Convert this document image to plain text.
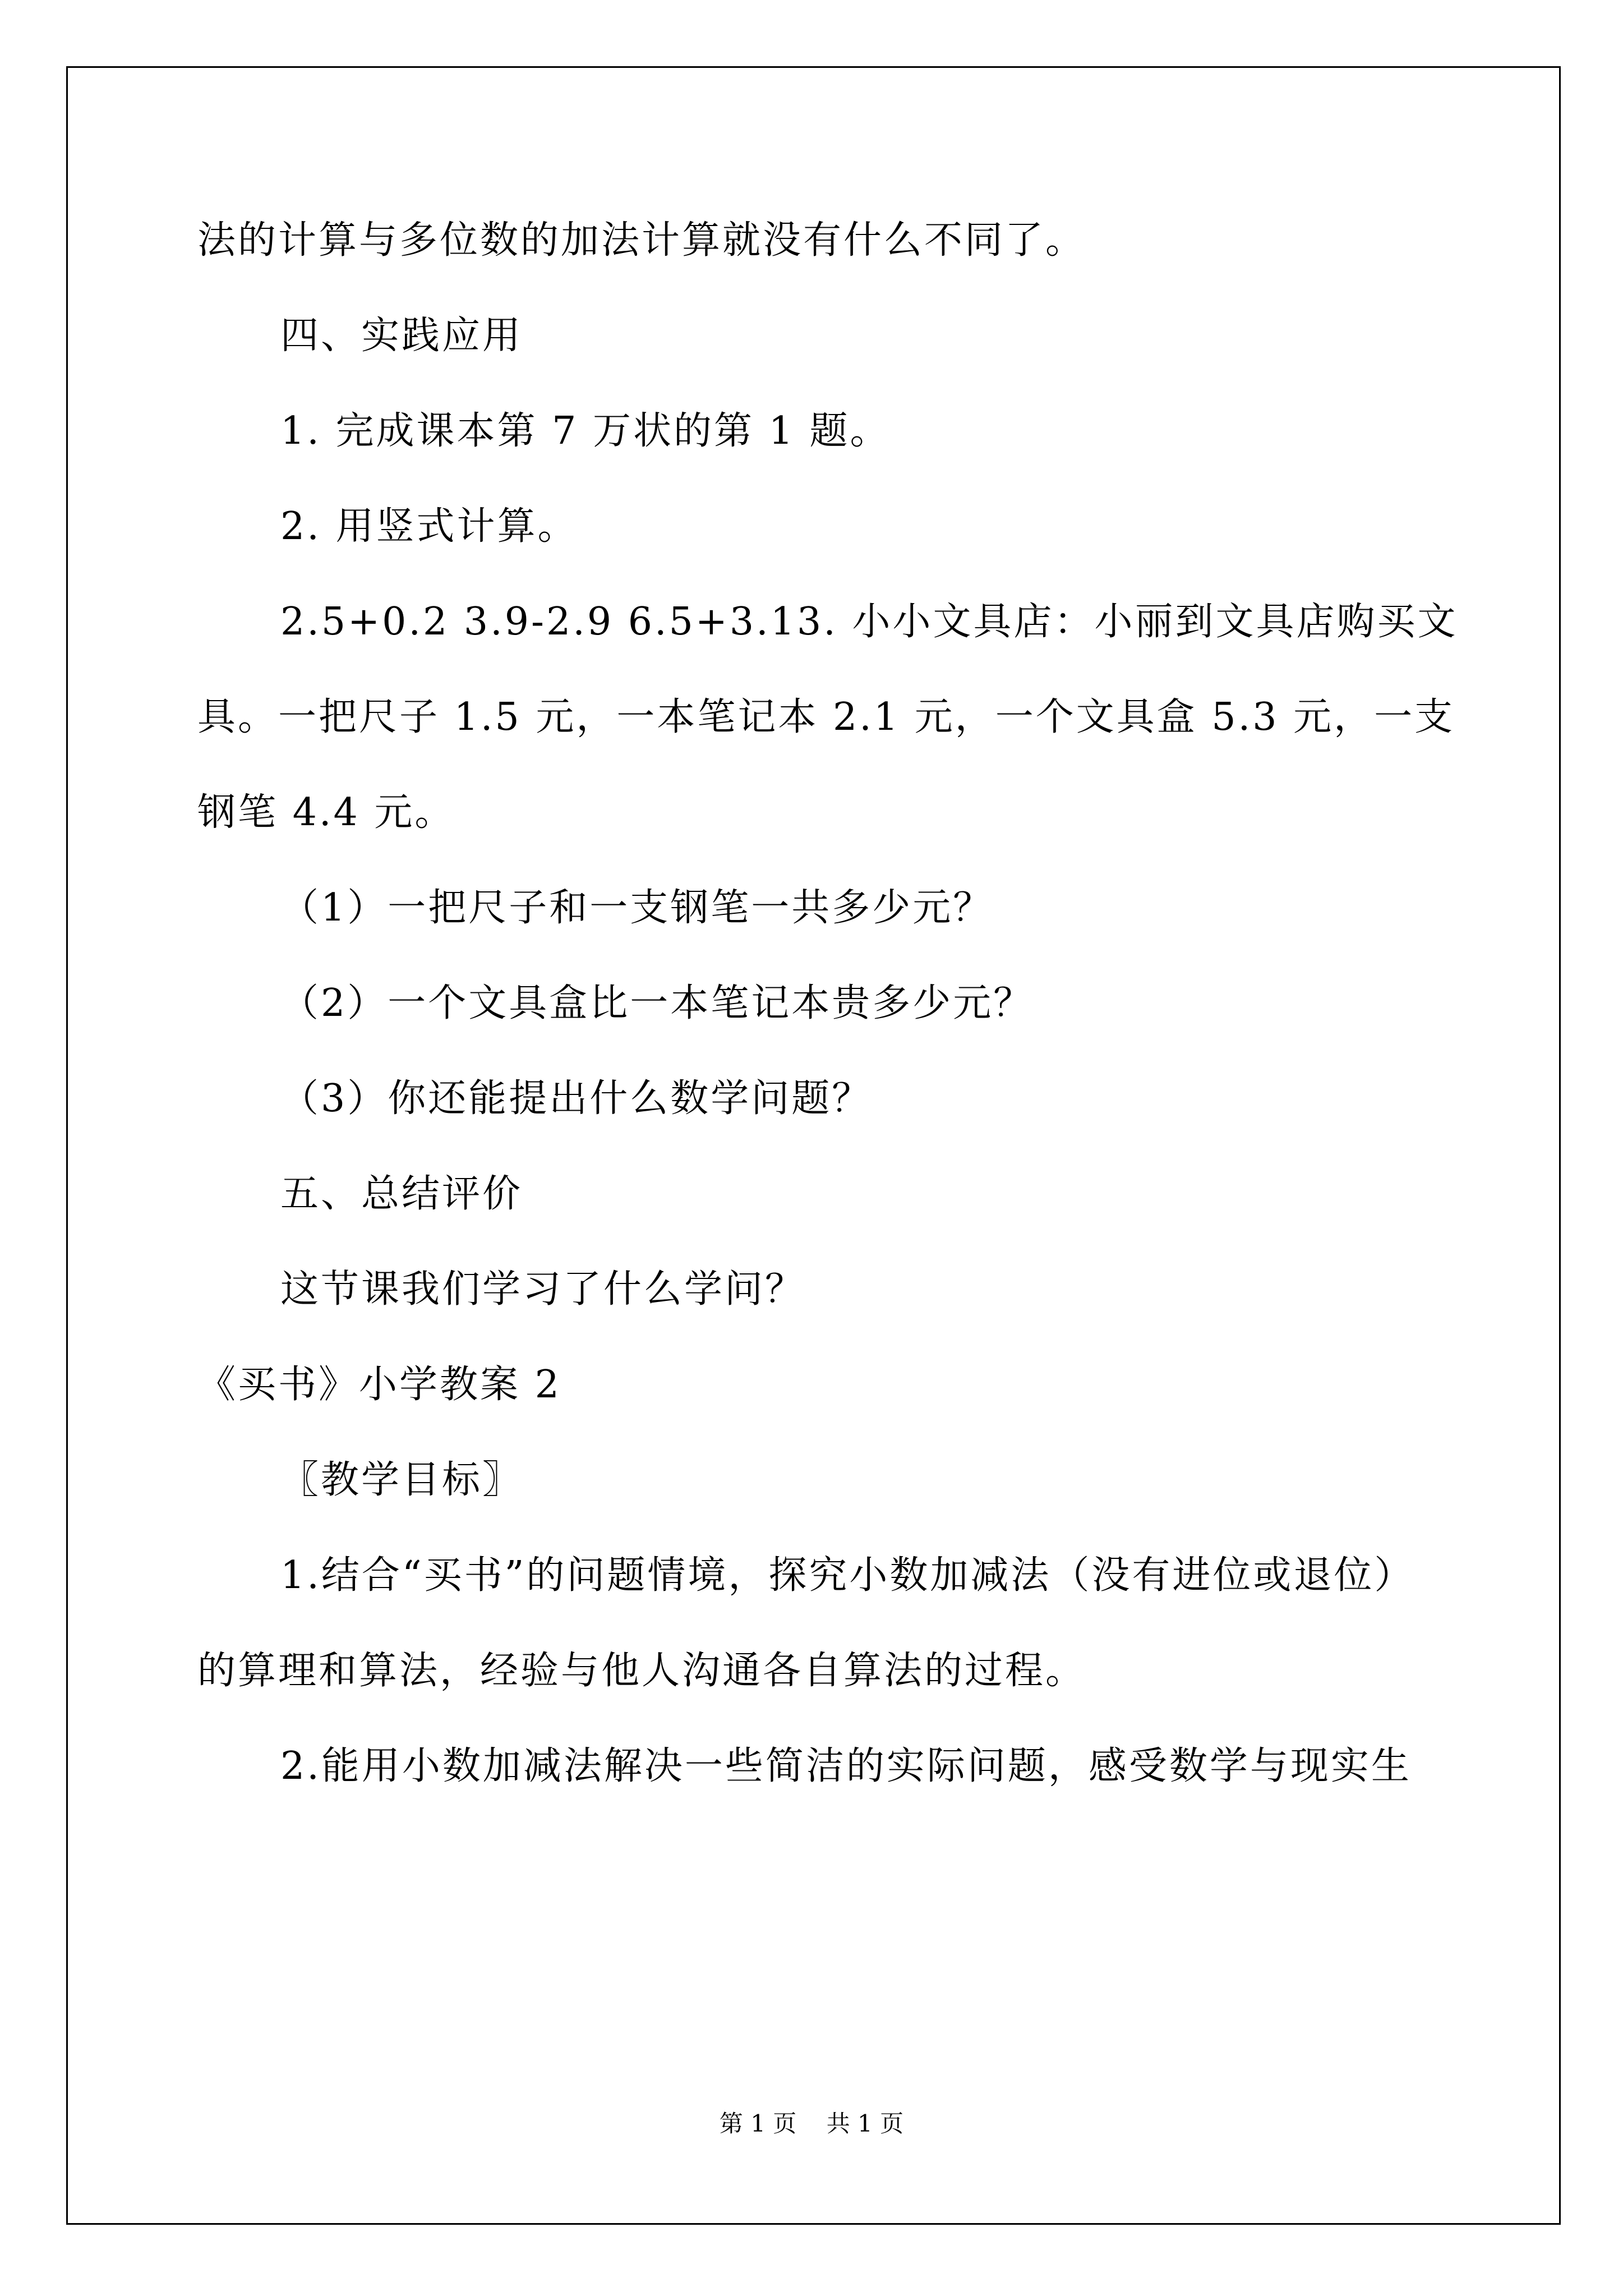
法的计算与多位数的加法计算就没有什么不同了。
四、实践应用
1. 完成课本第 7 万状的第 1 题。
2. 用竖式计算。
2.5+0.2 3.9-2.9 6.5+3.13. 小小文具店：小丽到文具店购买文
具。一把尺子 1.5 元，一本笔记本 2.1 元，一个文具盒 5.3 元，一支
钢笔 4.4 元。
（1）一把尺子和一支钢笔一共多少元？
（2）一个文具盒比一本笔记本贵多少元？
（3）你还能提出什么数学问题？
五、总结评价
这节课我们学习了什么学问？
《买书》小学教案 2
〖教学目标〗
1.结合“买书”的问题情境，探究小数加减法（没有进位或退位）
的算理和算法，经验与他人沟通各自算法的过程。
2.能用小数加减法解决一些简洁的实际问题，感受数学与现实生
第 1 页    共 1 页
